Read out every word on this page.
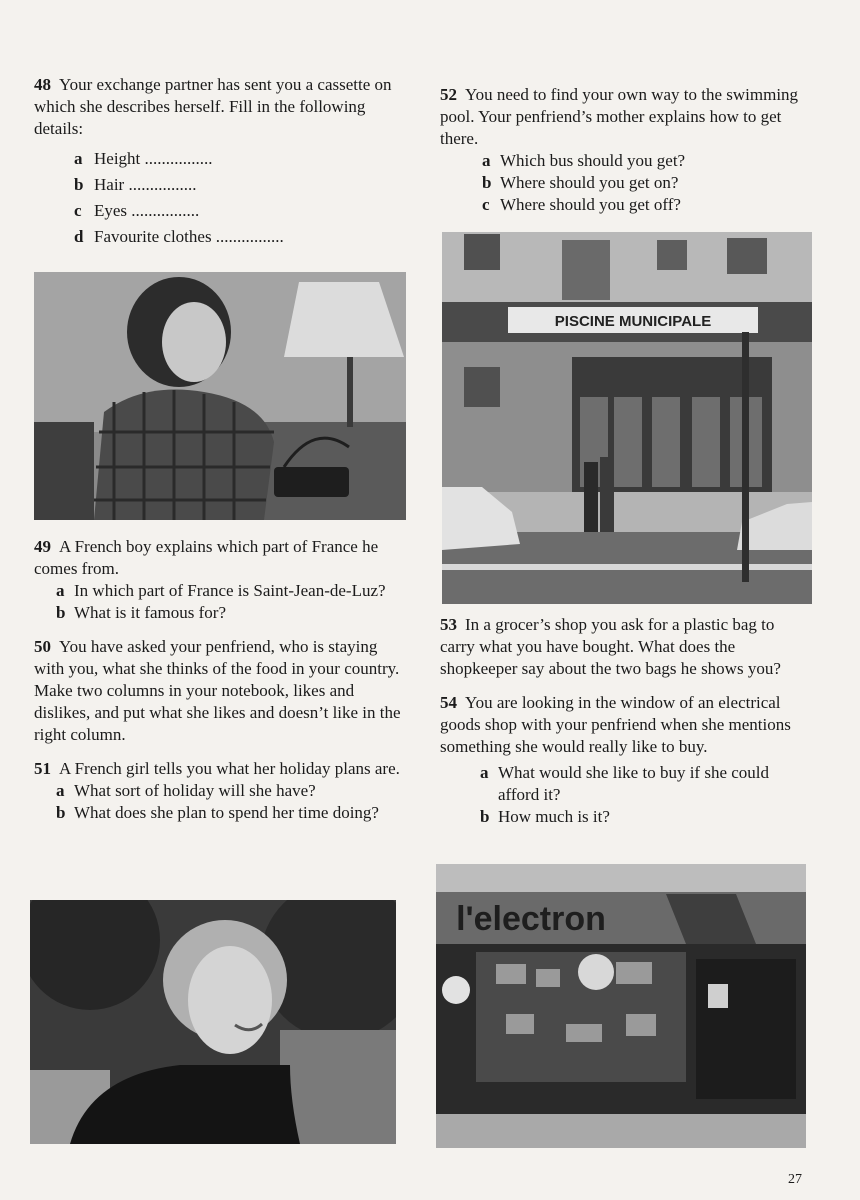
48 Your exchange partner has sent you a cassette on which she describes herself. Fill in the following details:

a Height ................

b Hair ................

c Eyes ................

d Favourite clothes ................

49 A French boy explains which part of France he comes from.

a In which part of France is Saint-Jean-de-Luz?

b What is it famous for?

50 You have asked your penfriend, who is staying with you, what she thinks of the food in your country. Make two columns in your notebook, likes and dislikes, and put what she likes and doesn’t like in the right column.

51 A French girl tells you what her holiday plans are.

a What sort of holiday will she have?

b What does she plan to spend her time doing?

52 You need to find your own way to the swimming pool. Your penfriend’s mother explains how to get there.

a Which bus should you get?

b Where should you get on?

c Where should you get off?

PISCINE MUNICIPALE

53 In a grocer’s shop you ask for a plastic bag to carry what you have bought. What does the shopkeeper say about the two bags he shows you?

54 You are looking in the window of an electrical goods shop with your penfriend when she mentions something she would really like to buy.

a What would she like to buy if she could afford it?

b How much is it?

l'electron
27
